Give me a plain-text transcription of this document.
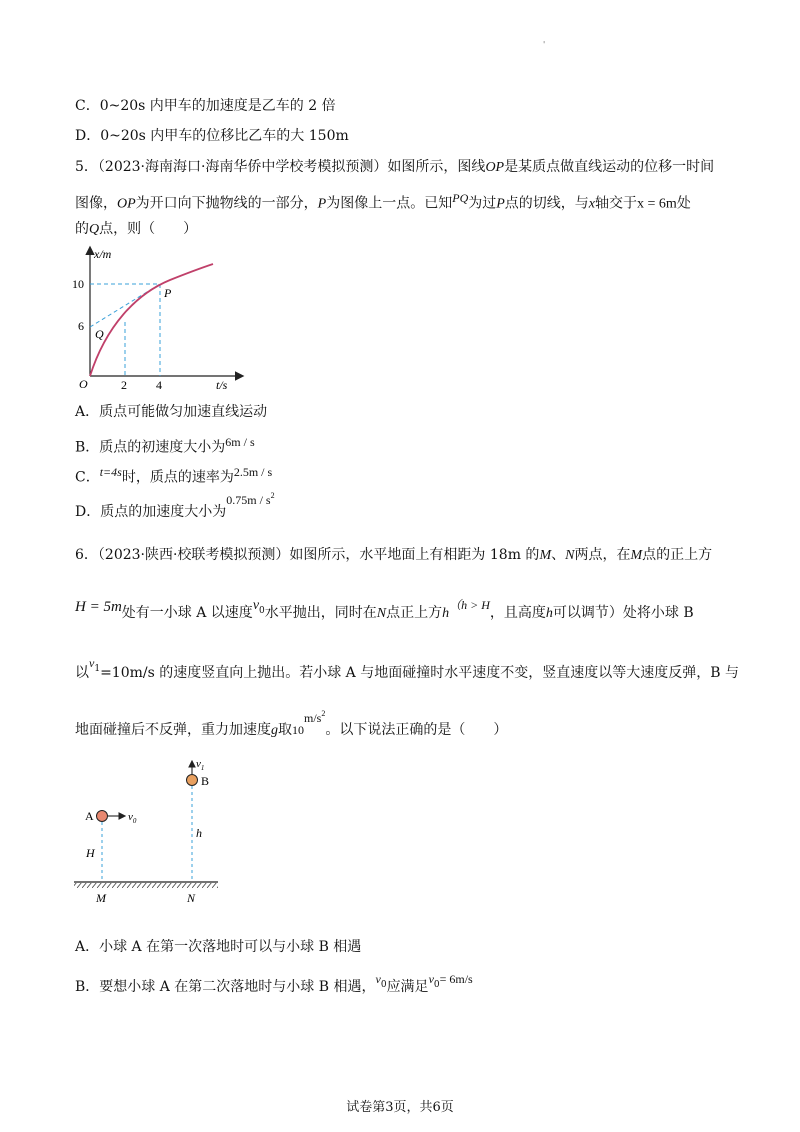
'
C．0~20s 内甲车的加速度是乙车的 2 倍
D．0~20s 内甲车的位移比乙车的大 150m
5．（2023·海南海口·海南华侨中学校考模拟预测）如图所示，图线OP是某质点做直线运动的位移一时间
图像，OP为开口向下抛物线的一部分，P为图像上一点。已知PQ为过P点的切线，与x轴交于x = 6m处
的Q点，则（　　）
x/m
t/s
10
6
2 4
O
P
Q
A．质点可能做匀加速直线运动
B．质点的初速度大小为6m / s
C．t=4s时，质点的速率为2.5m / s
D．质点的加速度大小为$0.75m / s^2$
6．（2023·陕西·校联考模拟预测）如图所示，水平地面上有相距为 18m 的M、N两点，在M点的正上方
H = 5m处有一小球 A 以速度$v_0$水平抛出，同时在N点正上方h（h > H，且高度h可以调节）处将小球 B
以$v_1=10m/s$ 的速度竖直向上抛出。若小球 A 与地面碰撞时水平速度不变，竖直速度以等大速度反弹，B 与
地面碰撞后不反弹，重力加速度g取$10m/s^2$。以下说法正确的是（　　）
A
B
$v_0$
$v_1$
H
h
M	N
A．小球 A 在第一次落地时可以与小球 B 相遇
B．要想小球 A 在第二次落地时与小球 B 相遇，$v_0$应满足$v_0= 6m/s$
试卷第3页，共6页
